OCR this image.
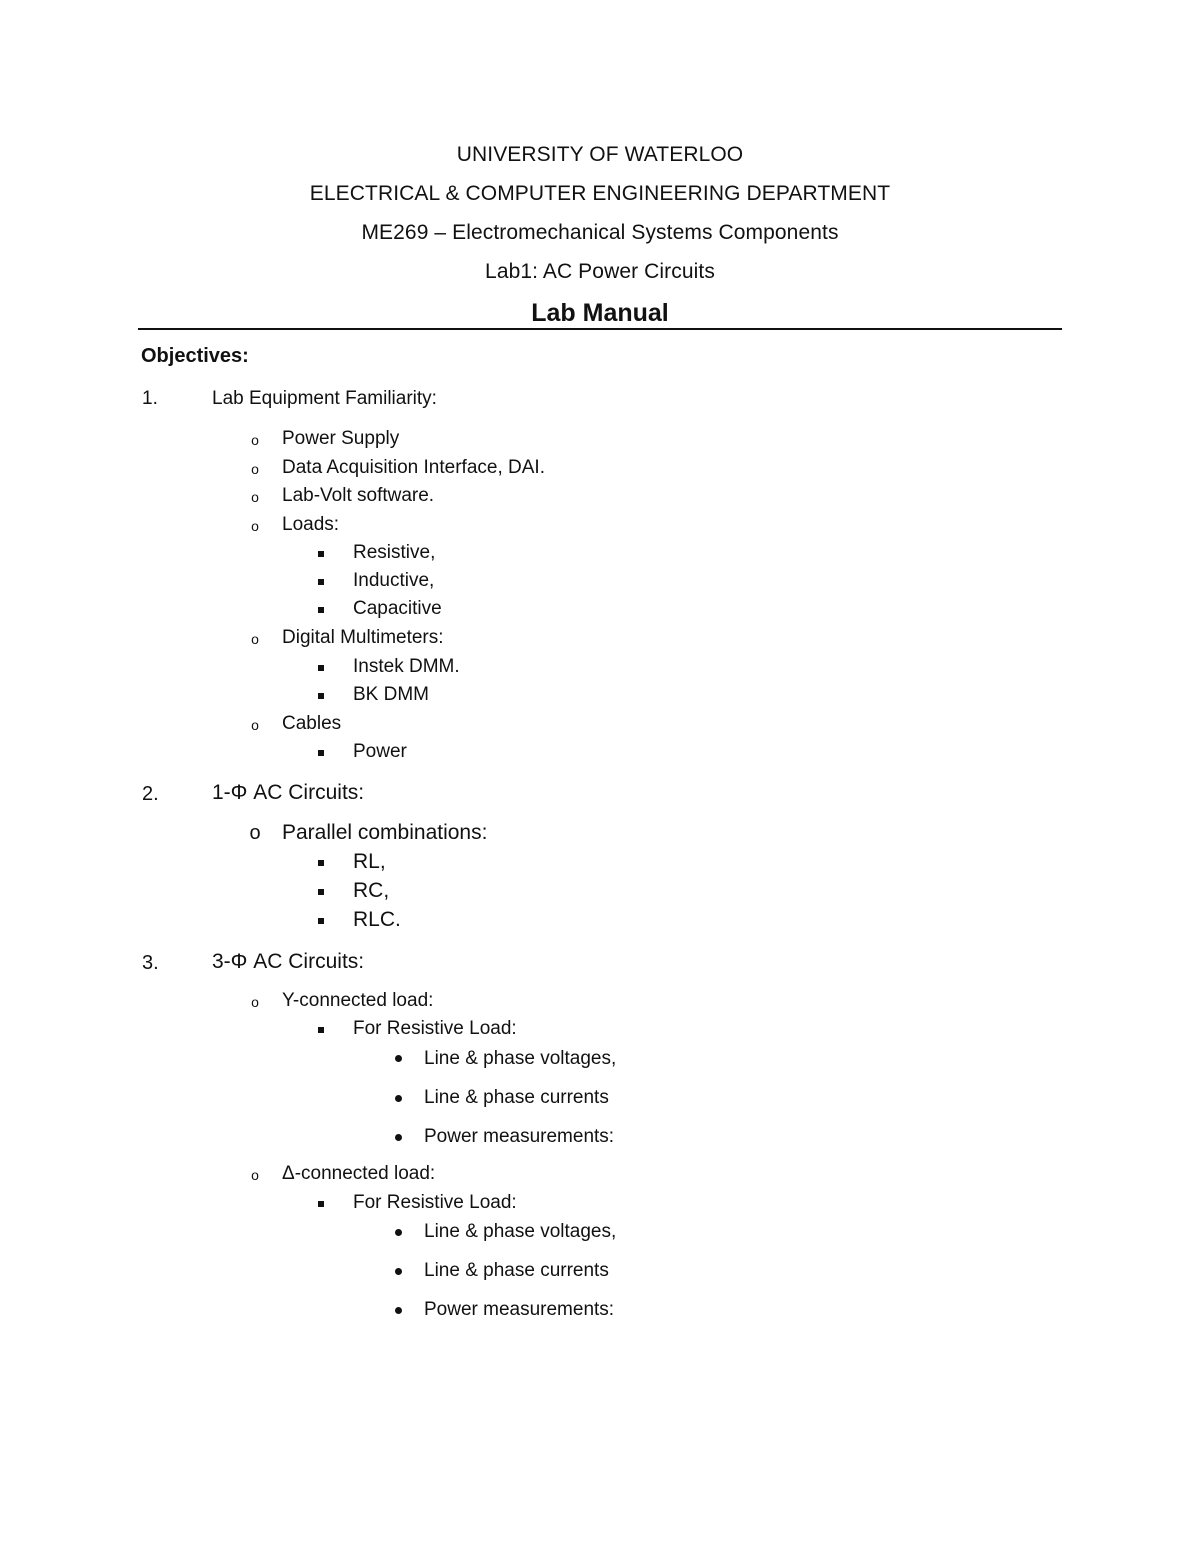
UNIVERSITY OF WATERLOO
ELECTRICAL & COMPUTER ENGINEERING DEPARTMENT
ME269 – Electromechanical Systems Components
Lab1: AC Power Circuits
Lab Manual
Objectives:
1.	Lab Equipment Familiarity:
o	Power Supply
o	Data Acquisition Interface, DAI.
o	Lab-Volt software.
o	Loads:
Resistive,
Inductive,
Capacitive
o	Digital Multimeters:
Instek DMM.
BK DMM
o	Cables
Power
2.	1-Φ AC Circuits:
o Parallel combinations:
RL,
RC,
RLC.
3.	3-Φ AC Circuits:
o	Y-connected load:
For Resistive Load:
Line & phase voltages,
Line & phase currents
Power measurements:
o	Δ-connected load:
For Resistive Load:
Line & phase voltages,
Line & phase currents
Power measurements:
